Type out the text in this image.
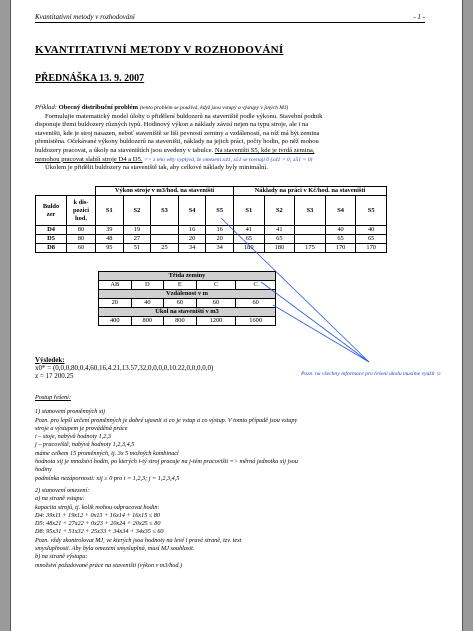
Kvantitativní metody v rozhodování	- 1 -
KVANTITATIVNÍ METODY V ROZHODOVÁNÍ
PŘEDNÁŠKA 13. 9. 2007
Příklad: Obecný distribuční problém (tento problém se používá, když jsou vstupy a výstupy v jiných MJ)
Formulujte matematický model úlohy o přidělení buldozerů na staveniště podle výkonu. Stavební podnik
disponuje třemi buldozery různých typů. Hodinový výkon a náklady závisí nejen na typu stroje, ale i na
staveništi, kde je stroj nasazen, neboť staveniště se liší pevností zeminy a vzdáleností, na níž má být zemina
přemístěna. Očekávané výkony buldozerů na staveništi, náklady na jejich práci, počty hodin, po něž mohou
buldozery pracovat, a úkoly na staveništích jsou uvedeny v tabulce. Na staveništi S5, kde je tvrdá zemina,
nemohou pracovat slabší stroje D4 a D5. => z této věty vyplývá, že omezení x41, x51 se rovnají 0 (x41 = 0; x51 = 0)
Úkolem je přidělit buldozery na staveniště tak, aby celkové náklady byly minimální.
		Výkon stroje v m3/hod. na staveništi					Náklady na práci v Kč/hod. na staveništi				
Buldo zer	k dis- pozici hod.	S1	S2	S3	S4	S5	S1	S2	S3	S4	S5
D4	80	39	19		16	16	41	41		40	40
D5	80	48	27		20	20	65	65		65	65
D8	60	95	51	25	34	34	180	180	175	170	170
Třída zeminy				
AB	D	E	C	C
Vzdálenost v m				
20	40	60	60	60
Úkol na staveništi v m3				
400	800	800	1200	1600
Výsledek:
x0* = (0,0,0,80,0,4,60,16,4.21,13.57,32,0,0,0,0,10.22,0,0,0,0,0)
z = 17 200.25	Pozn. na všechny informace pro řešení úkolu musíme využít ☺
Postup řešení:
1) stanovení proměnných xij
Pozn. pro lepší určení proměnných je dobré ujasnit si co je vstup a co výstup. V tomto případě jsou vstupy
stroje a výstupem je prováděná práce
i – stoje, nabývá hodnoty 1,2,3
j – pracoviště, nabývá hodnoty 1,2,3,4,5
máme celkem 15 proměnných, tj. 3x 5 možných kombinací
hodnota xij je množství hodin, po kterých i-tý stroj pracuje na j-tém pracovišti => měrná jednotka xij jsou
hodiny
podmínka nezápornosti: xij ≥ 0 pro i = 1,2,3; j = 1,2,3,4,5
2) stanovení omezení:
a) na straně vstupu:
kapacita strojů, tj. kolik mohou odpracovat hodin:
D4: 39x11 + 19x12 + 0x13 + 16x14 + 16x15 ≤ 80
D5: 48x21 + 27x22 + 0x23 + 20x24 + 20x25 ≤ 80
D8: 95x31 + 51x32 + 25x33 + 34x34 + 34x35 ≤ 60
Pozn. vždy zkontrolovat MJ, ve kterých jsou hodnoty na levé i pravé straně, tzv. test
smysluplnosti. Aby byla omezení smysluplná, musí MJ souhlasit.
b) na straně výstupu:
množství požadované práce na staveništi (výkon v m3/hod.)
